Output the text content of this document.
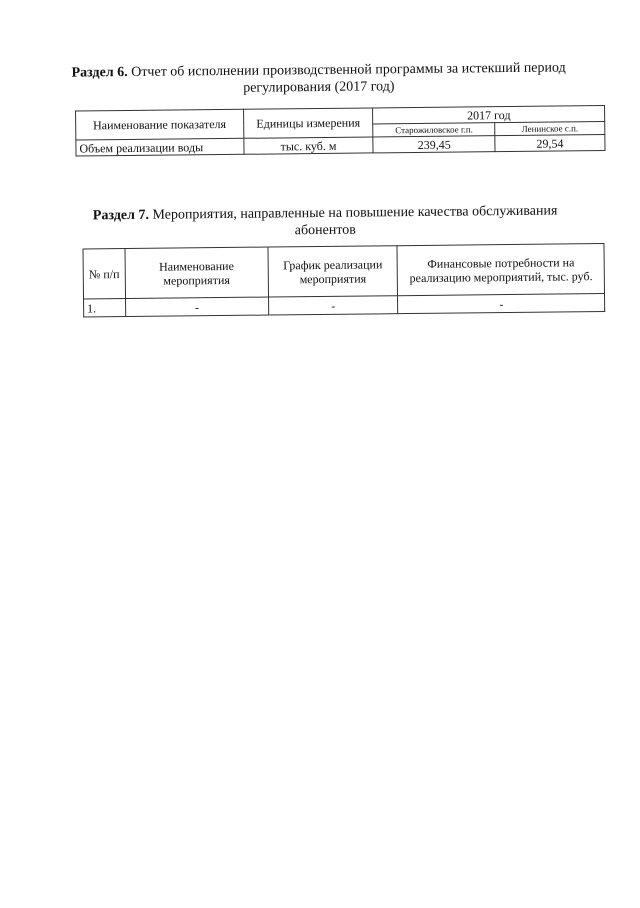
Раздел 6. Отчет об исполнении производственной программы за истекший период регулирования (2017 год)
Наименование показателя	Единицы измерения	2017 год	
		Старожиловское г.п.	Ленинское с.п.
Объем реализации воды	тыс. куб. м	239,45	29,54
Раздел 7. Мероприятия, направленные на повышение качества обслуживания абонентов
№ п/п	Наименование мероприятия	График реализации мероприятия	Финансовые потребности на реализацию мероприятий, тыс. руб.
1.	-	-	-
